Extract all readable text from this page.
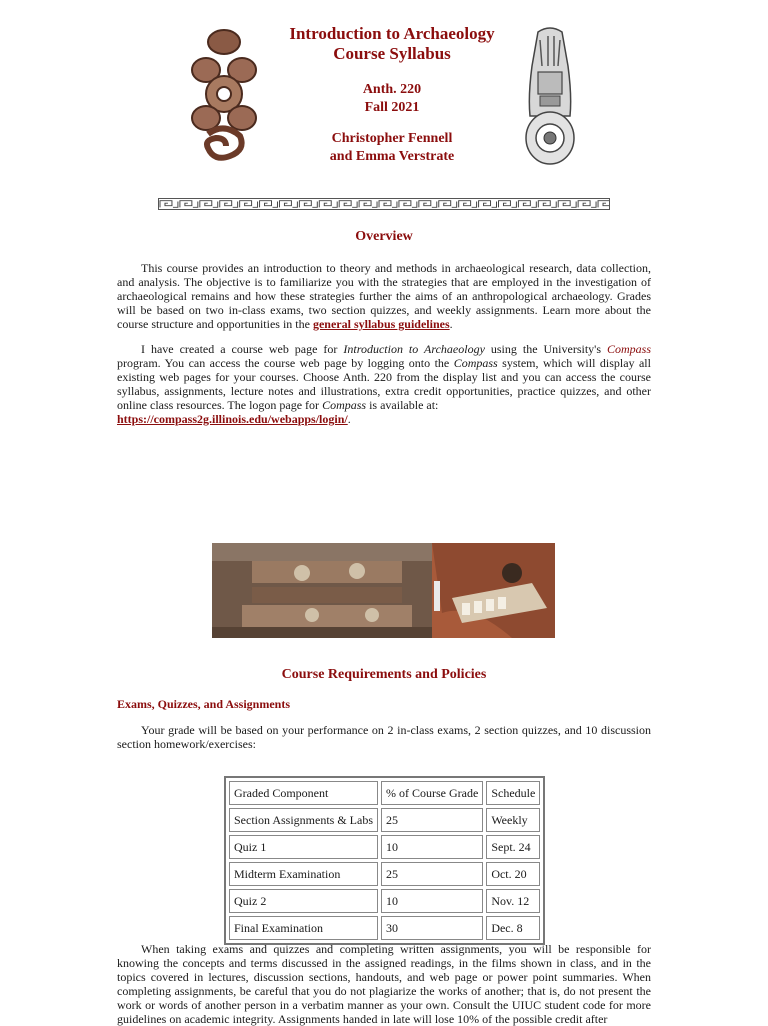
Introduction to Archaeology
Course Syllabus
Anth. 220
Fall 2021
Christopher Fennell
and Emma Verstrate
Overview
This course provides an introduction to theory and methods in archaeological research, data collection, and analysis. The objective is to familiarize you with the strategies that are employed in the investigation of archaeological remains and how these strategies further the aims of an anthropological archaeology. Grades will be based on two in-class exams, two section quizzes, and weekly assignments. Learn more about the course structure and opportunities in the general syllabus guidelines.
I have created a course web page for Introduction to Archaeology using the University's Compass program. You can access the course web page by logging onto the Compass system, which will display all existing web pages for your courses. Choose Anth. 220 from the display list and you can access the course syllabus, assignments, lecture notes and illustrations, extra credit opportunities, practice quizzes, and other online class resources. The logon page for Compass is available at:
https://compass2g.illinois.edu/webapps/login/.
Course Requirements and Policies
Exams, Quizzes, and Assignments
Your grade will be based on your performance on 2 in-class exams, 2 section quizzes, and 10 discussion section homework/exercises:
Graded Component	% of Course Grade	Schedule
Section Assignments & Labs	25	Weekly
Quiz 1	10	Sept. 24
Midterm Examination	25	Oct. 20
Quiz 2	10	Nov. 12
Final Examination	30	Dec. 8
When taking exams and quizzes and completing written assignments, you will be responsible for knowing the concepts and terms discussed in the assigned readings, in the films shown in class, and in the topics covered in lectures, discussion sections, handouts, and web page or power point summaries. When completing assignments, be careful that you do not plagiarize the works of another; that is, do not present the work or words of another person in a verbatim manner as your own. Consult the UIUC student code for more guidelines on academic integrity. Assignments handed in late will lose 10% of the possible credit after
